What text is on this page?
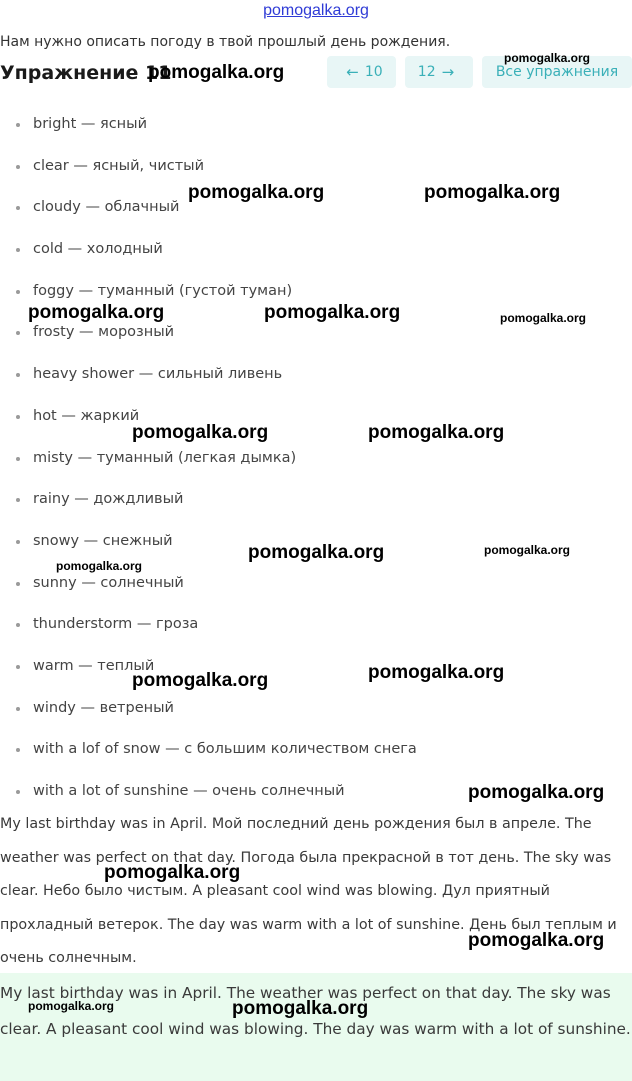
pomogalka.org
Нам нужно описать погоду в твой прошлый день рождения.
Упражнение 11	← 10	12 →	Все упражнения
bright — ясный
clear — ясный, чистый
cloudy — облачный
cold — холодный
foggy — туманный (густой туман)
frosty — морозный
heavy shower — сильный ливень
hot — жаркий
misty — туманный (легкая дымка)
rainy — дождливый
snowy — снежный
sunny — солнечный
thunderstorm — гроза
warm — теплый
windy — ветреный
with a lof of snow — с большим количеством снега
with a lot of sunshine — очень солнечный

My last birthday was in April. Мой последний день рождения был в апреле. The weather was perfect on that day. Погода была прекрасной в тот день. The sky was clear. Небо было чистым. A pleasant cool wind was blowing. Дул приятный прохладный ветерок. The day was warm with a lot of sunshine. День был теплым и очень солнечным.

My last birthday was in April. The weather was perfect on that day. The sky was clear. A pleasant cool wind was blowing. The day was warm with a lot of sunshine.

pomogalka.org
pomogalka.org
pomogalka.org	pomogalka.org
pomogalka.org	pomogalka.org	pomogalka.org
pomogalka.org	pomogalka.org
pomogalka.org	pomogalka.org
pomogalka.org
pomogalka.org	pomogalka.org
pomogalka.org
pomogalka.org
pomogalka.org
pomogalka.org	pomogalka.org
